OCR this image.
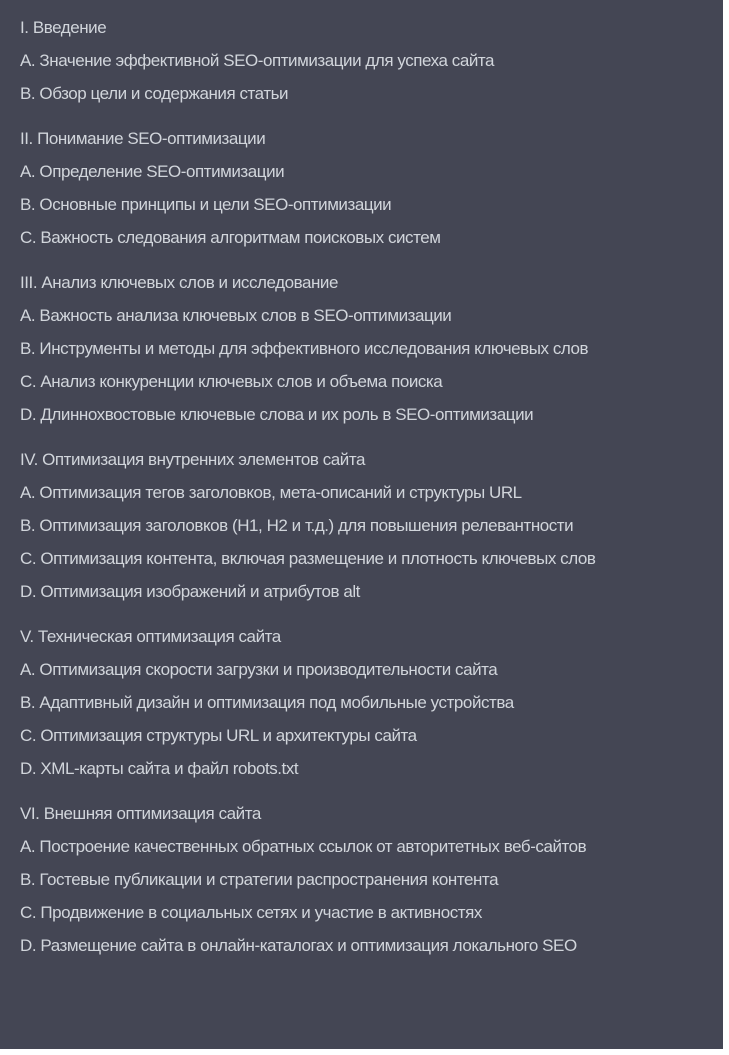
I. Введение
A. Значение эффективной SEO-оптимизации для успеха сайта
B. Обзор цели и содержания статьи
II. Понимание SEO-оптимизации
A. Определение SEO-оптимизации
B. Основные принципы и цели SEO-оптимизации
C. Важность следования алгоритмам поисковых систем
III. Анализ ключевых слов и исследование
A. Важность анализа ключевых слов в SEO-оптимизации
B. Инструменты и методы для эффективного исследования ключевых слов
C. Анализ конкуренции ключевых слов и объема поиска
D. Длиннохвостовые ключевые слова и их роль в SEO-оптимизации
IV. Оптимизация внутренних элементов сайта
A. Оптимизация тегов заголовков, мета-описаний и структуры URL
B. Оптимизация заголовков (H1, H2 и т.д.) для повышения релевантности
C. Оптимизация контента, включая размещение и плотность ключевых слов
D. Оптимизация изображений и атрибутов alt
V. Техническая оптимизация сайта
A. Оптимизация скорости загрузки и производительности сайта
B. Адаптивный дизайн и оптимизация под мобильные устройства
C. Оптимизация структуры URL и архитектуры сайта
D. XML-карты сайта и файл robots.txt
VI. Внешняя оптимизация сайта
A. Построение качественных обратных ссылок от авторитетных веб-сайтов
B. Гостевые публикации и стратегии распространения контента
C. Продвижение в социальных сетях и участие в активностях
D. Размещение сайта в онлайн-каталогах и оптимизация локального SEO
